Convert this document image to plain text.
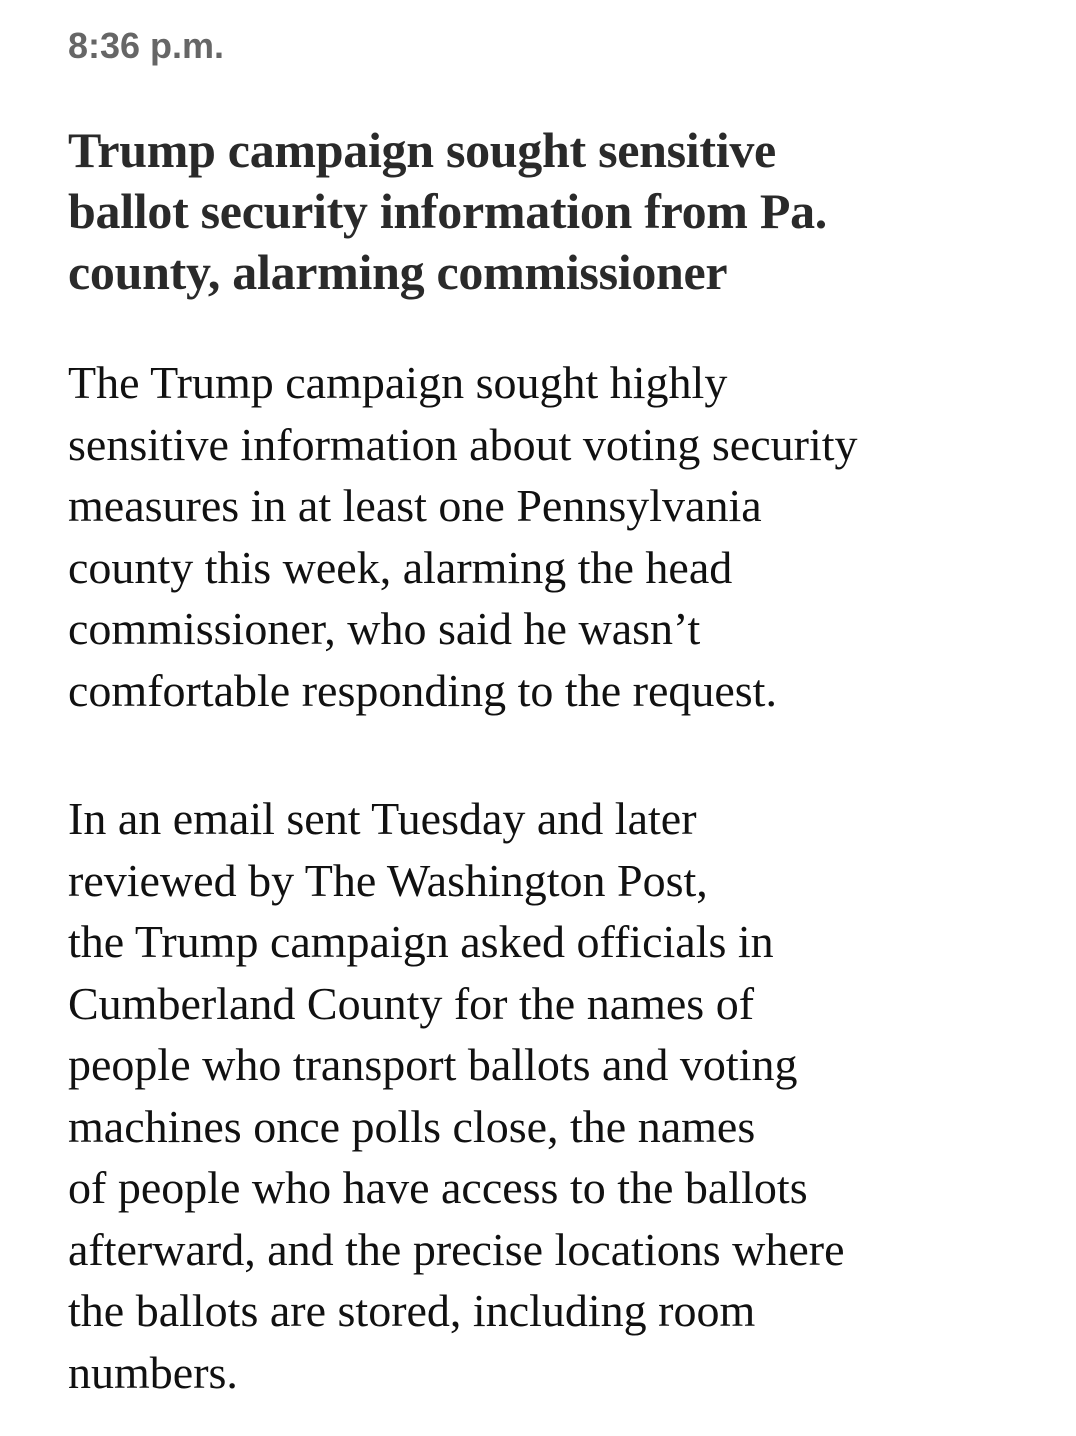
8:36 p.m.
Trump campaign sought sensitive
ballot security information from Pa.
county, alarming commissioner

The Trump campaign sought highly
sensitive information about voting security
measures in at least one Pennsylvania
county this week, alarming the head
commissioner, who said he wasn’t
comfortable responding to the request.

In an email sent Tuesday and later
reviewed by The Washington Post,
the Trump campaign asked officials in
Cumberland County for the names of
people who transport ballots and voting
machines once polls close, the names
of people who have access to the ballots
afterward, and the precise locations where
the ballots are stored, including room
numbers.
